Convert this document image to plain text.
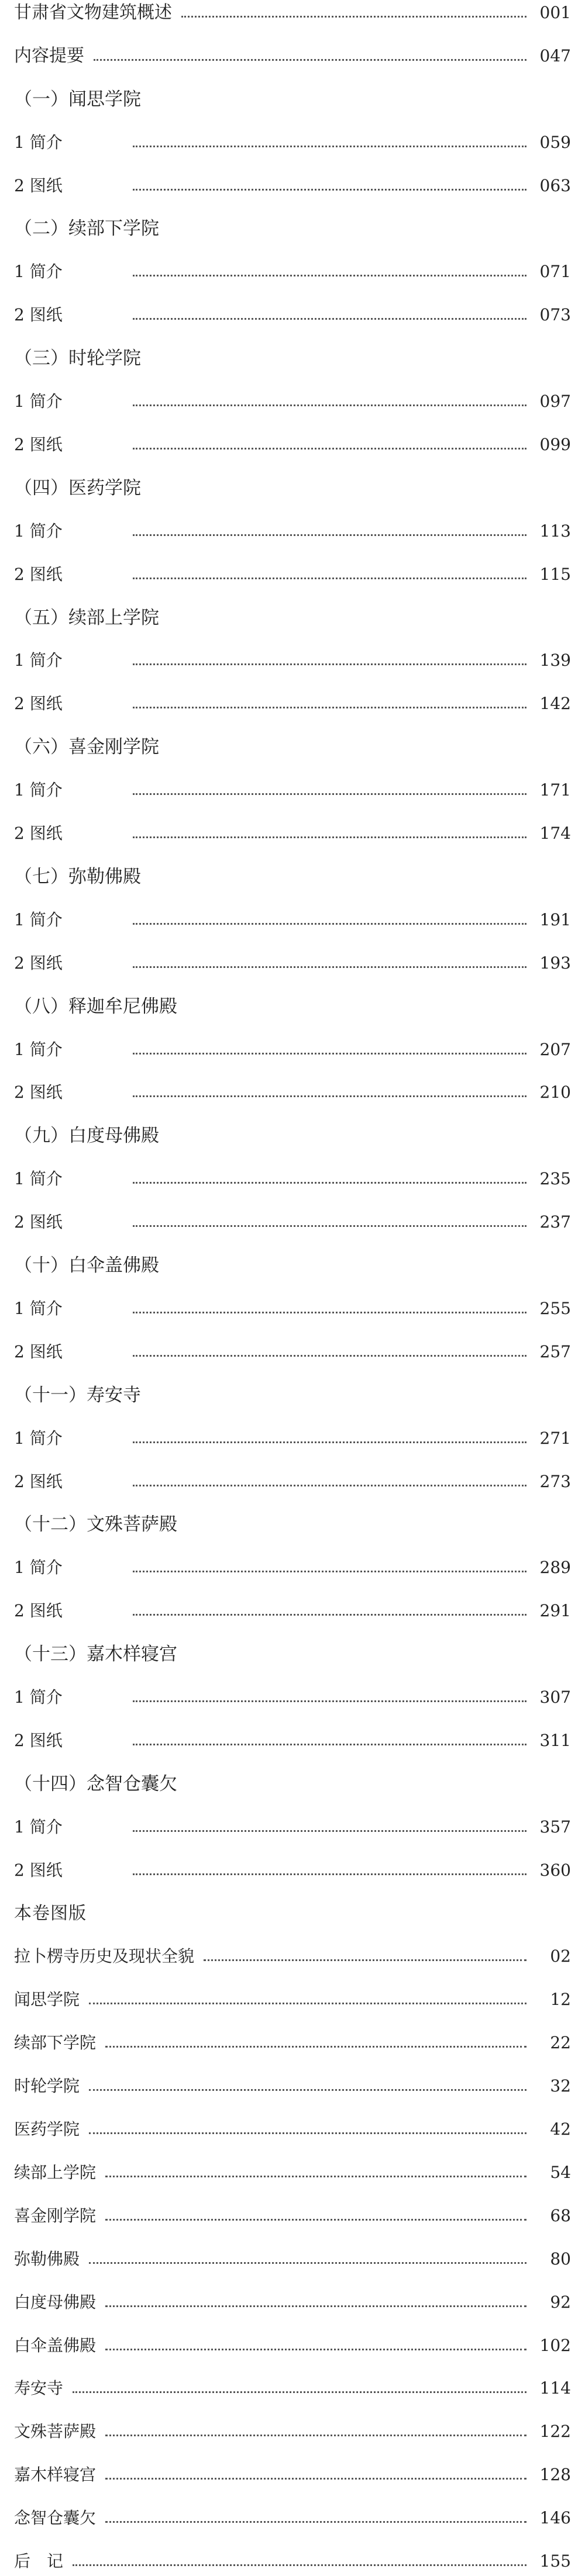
甘肃省文物建筑概述	001
内容提要	047
（一）闻思学院
1 简介	059
2 图纸	063
（二）续部下学院
1 简介	071
2 图纸	073
（三）时轮学院
1 简介	097
2 图纸	099
（四）医药学院
1 简介	113
2 图纸	115
（五）续部上学院
1 简介	139
2 图纸	142
（六）喜金刚学院
1 简介	171
2 图纸	174
（七）弥勒佛殿
1 简介	191
2 图纸	193
（八）释迦牟尼佛殿
1 简介	207
2 图纸	210
（九）白度母佛殿
1 简介	235
2 图纸	237
（十）白伞盖佛殿
1 简介	255
2 图纸	257
（十一）寿安寺
1 简介	271
2 图纸	273
（十二）文殊菩萨殿
1 简介	289
2 图纸	291
（十三）嘉木样寝宫
1 简介	307
2 图纸	311
（十四）念智仓囊欠
1 简介	357
2 图纸	360
本卷图版
拉卜楞寺历史及现状全貌	02
闻思学院	12
续部下学院	22
时轮学院	32
医药学院	42
续部上学院	54
喜金刚学院	68
弥勒佛殿	80
白度母佛殿	92
白伞盖佛殿	102
寿安寺	114
文殊菩萨殿	122
嘉木样寝宫	128
念智仓囊欠	146
后　记	155
